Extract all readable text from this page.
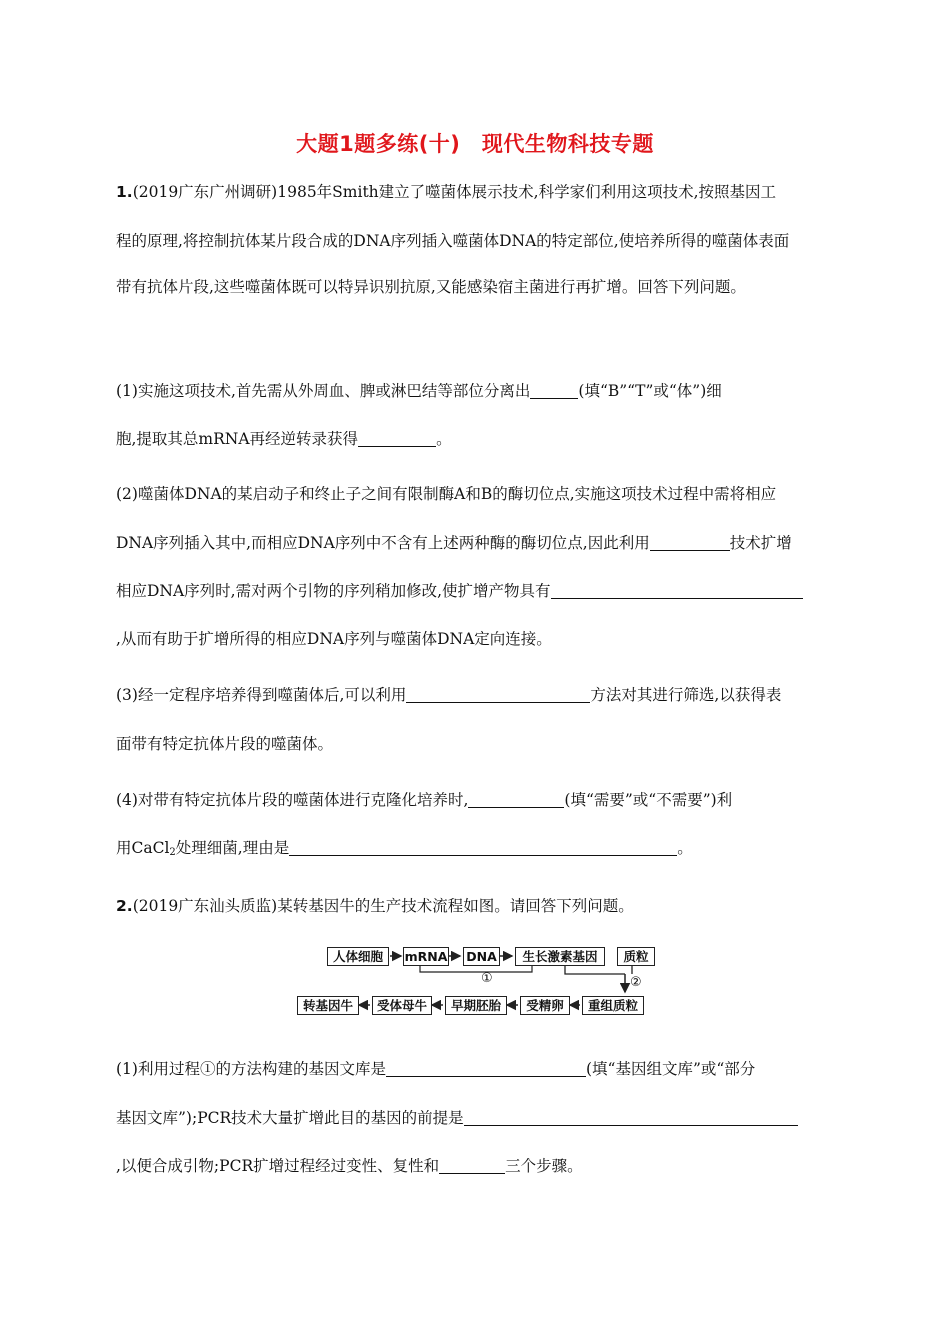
大题1题多练(十)　现代生物科技专题
1.(2019广东广州调研)1985年Smith建立了噬菌体展示技术,科学家们利用这项技术,按照基因工
程的原理,将控制抗体某片段合成的DNA序列插入噬菌体DNA的特定部位,使培养所得的噬菌体表面
带有抗体片段,这些噬菌体既可以特异识别抗原,又能感染宿主菌进行再扩增。回答下列问题。
(1)实施这项技术,首先需从外周血、脾或淋巴结等部位分离出	(填“B”“T”或“体”)细
胞,提取其总mRNA再经逆转录获得	。
(2)噬菌体DNA的某启动子和终止子之间有限制酶A和B的酶切位点,实施这项技术过程中需将相应
DNA序列插入其中,而相应DNA序列中不含有上述两种酶的酶切位点,因此利用	技术扩增
相应DNA序列时,需对两个引物的序列稍加修改,使扩增产物具有
,从而有助于扩增所得的相应DNA序列与噬菌体DNA定向连接。
(3)经一定程序培养得到噬菌体后,可以利用	方法对其进行筛选,以获得表
面带有特定抗体片段的噬菌体。
(4)对带有特定抗体片段的噬菌体进行克隆化培养时,	(填“需要”或“不需要”)利
用CaCl$_2$处理细菌,理由是	。
2.(2019广东汕头质监)某转基因牛的生产技术流程如图。请回答下列问题。
人体细胞	mRNA DNA	生长激素基因	质粒
①	②
转基因牛	受体母牛	早期胚胎	受精卵	重组质粒
(1)利用过程①的方法构建的基因文库是	(填“基因组文库”或“部分
基因文库”);PCR技术大量扩增此目的基因的前提是
,以便合成引物;PCR扩增过程经过变性、复性和	三个步骤。
